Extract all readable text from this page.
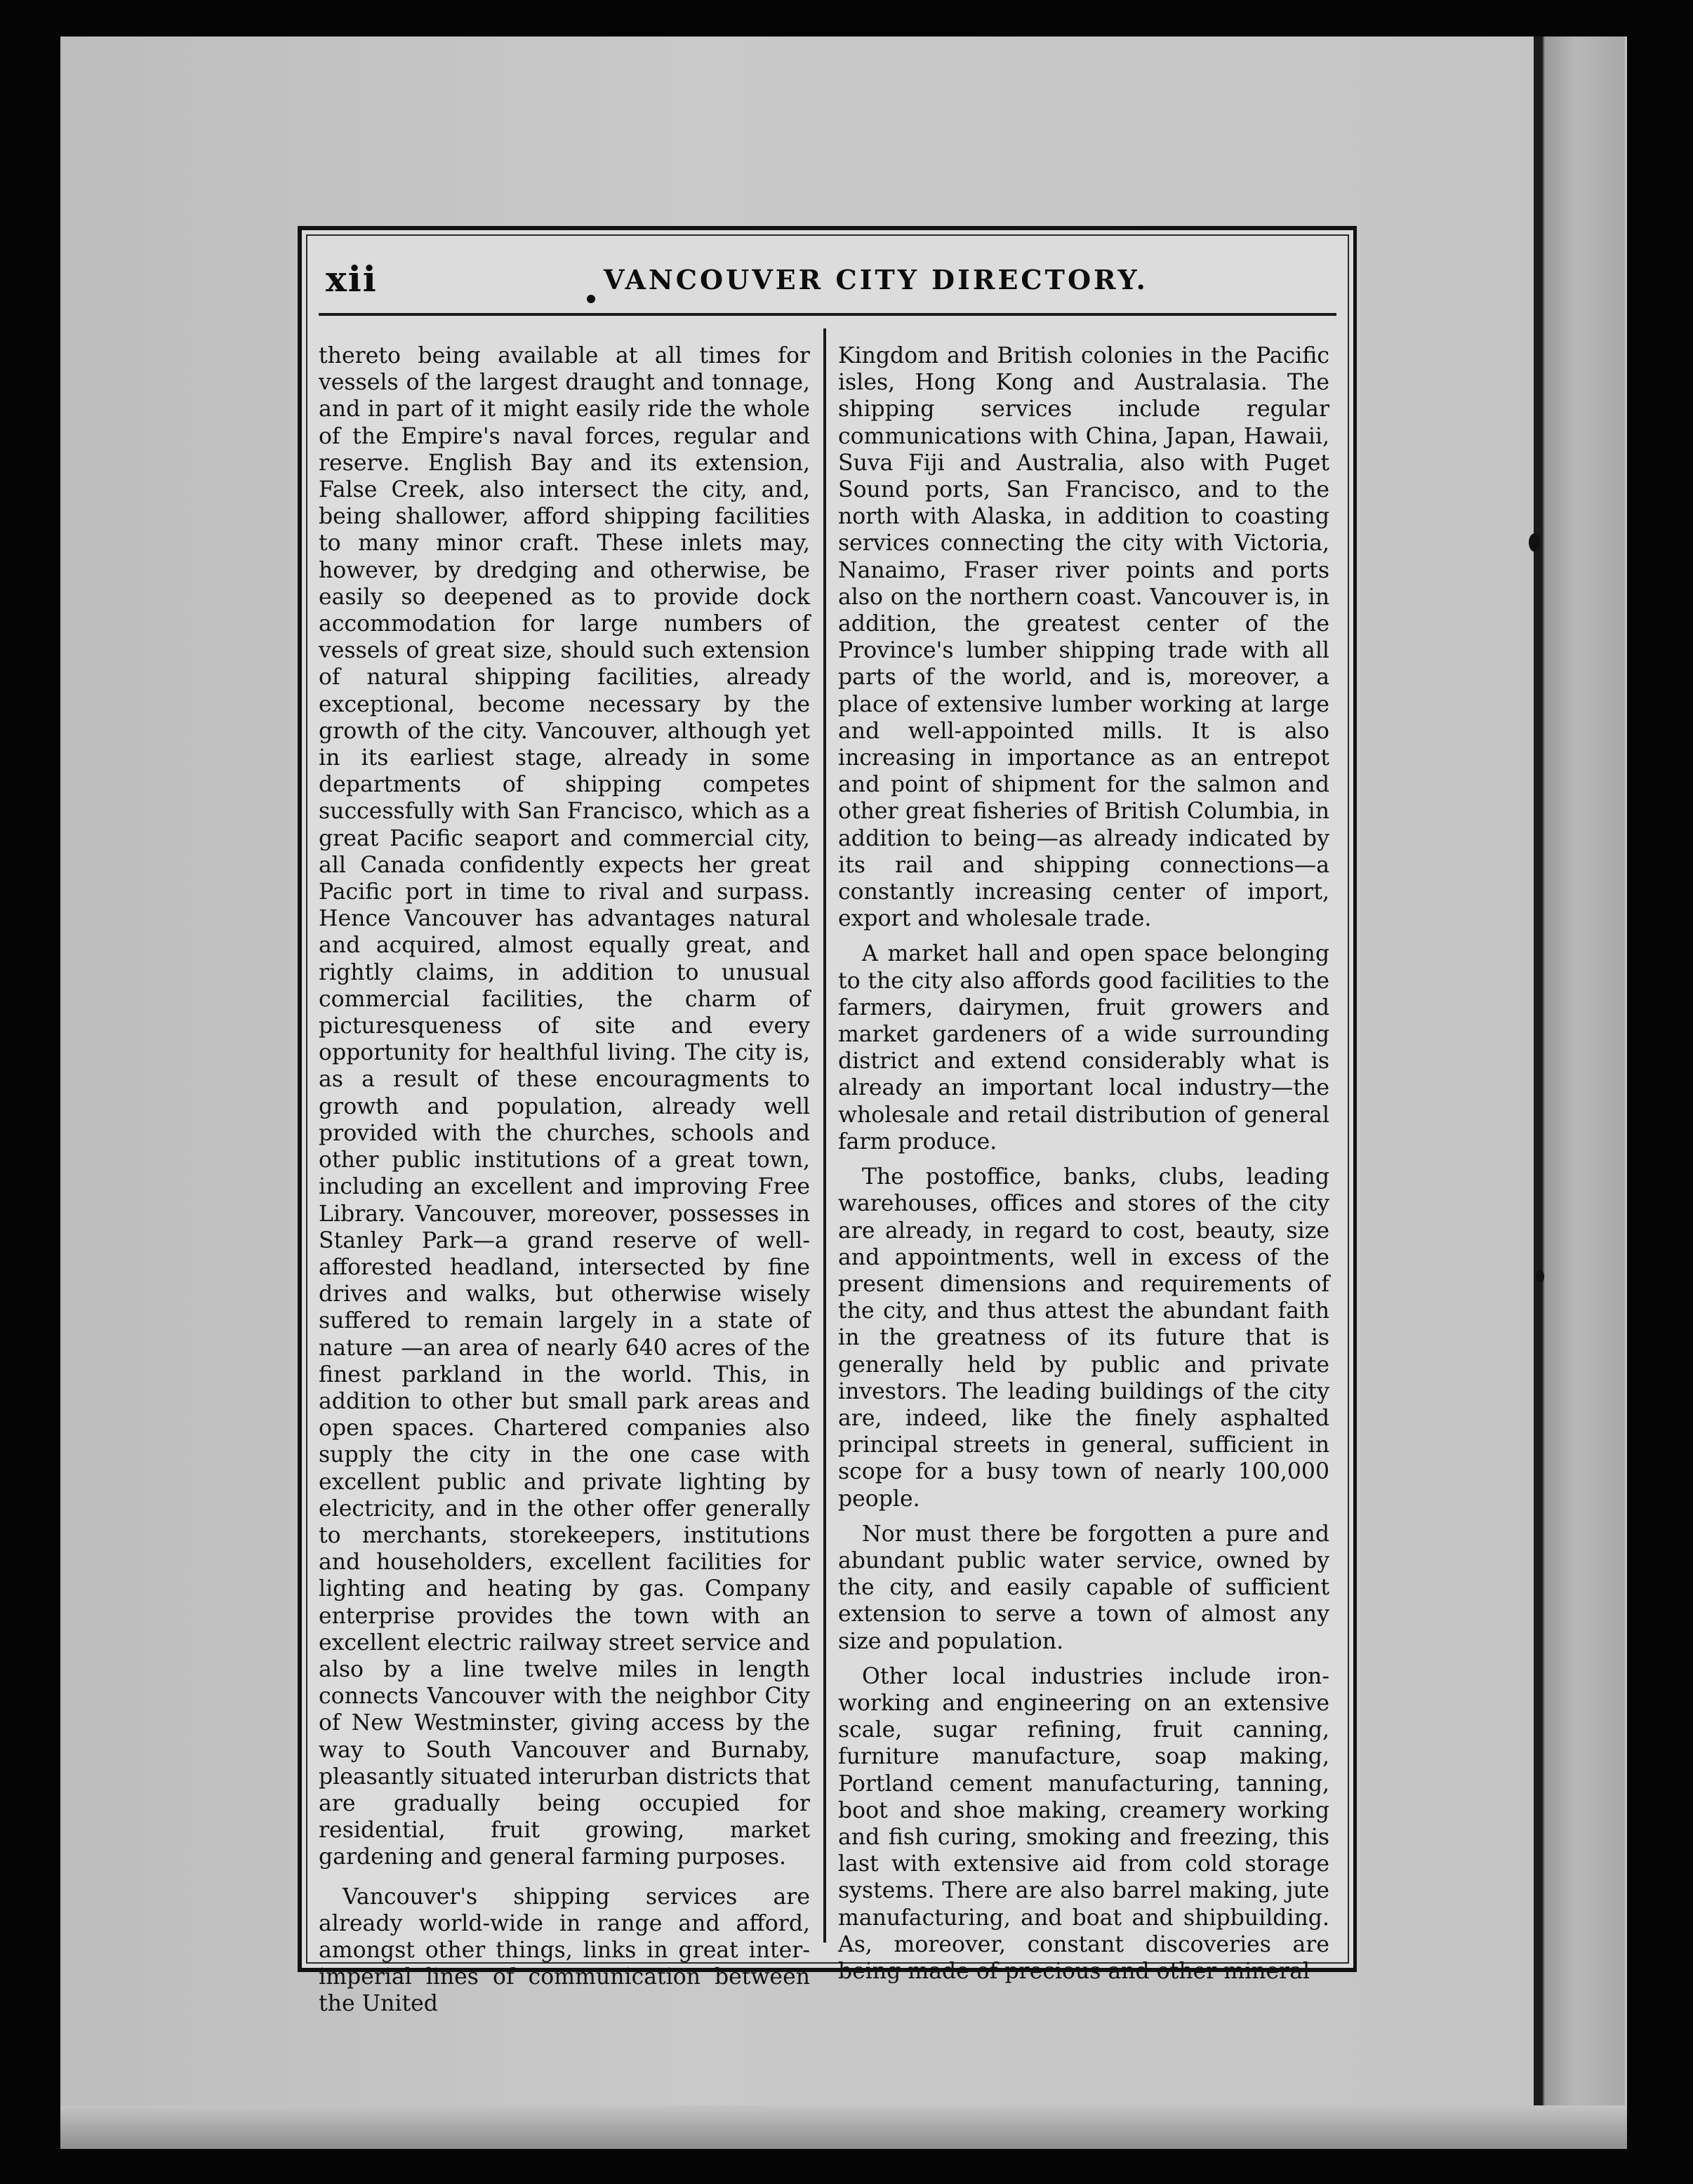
xii	VANCOUVER CITY DIRECTORY.

thereto being available at all times for vessels of the largest draught and tonnage, and in part of it might easily ride the whole of the Empire's naval forces, regular and reserve. English Bay and its extension, False Creek, also intersect the city, and, being shallower, afford shipping facilities to many minor craft. These inlets may, however, by dredging and otherwise, be easily so deepened as to provide dock accommodation for large numbers of vessels of great size, should such extension of natural shipping facilities, already exceptional, become necessary by the growth of the city. Vancouver, although yet in its earliest stage, already in some departments of shipping competes successfully with San Francisco, which as a great Pacific seaport and commercial city, all Canada confidently expects her great Pacific port in time to rival and surpass. Hence Vancouver has advantages natural and acquired, almost equally great, and rightly claims, in addition to unusual commercial facilities, the charm of picturesqueness of site and every opportunity for healthful living. The city is, as a result of these encouragments to growth and population, already well provided with the churches, schools and other public institutions of a great town, including an excellent and improving Free Library. Vancouver, moreover, possesses in Stanley Park—a grand reserve of well-afforested headland, intersected by fine drives and walks, but otherwise wisely suffered to remain largely in a state of nature —an area of nearly 640 acres of the finest parkland in the world. This, in addition to other but small park areas and open spaces. Chartered companies also supply the city in the one case with excellent public and private lighting by electricity, and in the other offer generally to merchants, storekeepers, institutions and householders, excellent facilities for lighting and heating by gas. Company enterprise provides the town with an excellent electric railway street service and also by a line twelve miles in length connects Vancouver with the neighbor City of New Westminster, giving access by the way to South Vancouver and Burnaby, pleasantly situated interurban districts that are gradually being occupied for residential, fruit growing, market gardening and general farming purposes.

Vancouver's shipping services are already world-wide in range and afford, amongst other things, links in great inter-imperial lines of communication between the United

Kingdom and British colonies in the Pacific isles, Hong Kong and Australasia. The shipping services include regular communications with China, Japan, Hawaii, Suva Fiji and Australia, also with Puget Sound ports, San Francisco, and to the north with Alaska, in addition to coasting services connecting the city with Victoria, Nanaimo, Fraser river points and ports also on the northern coast. Vancouver is, in addition, the greatest center of the Province's lumber shipping trade with all parts of the world, and is, moreover, a place of extensive lumber working at large and well-appointed mills. It is also increasing in importance as an entrepot and point of shipment for the salmon and other great fisheries of British Columbia, in addition to being—as already indicated by its rail and shipping connections—a constantly increasing center of import, export and wholesale trade.

A market hall and open space belonging to the city also affords good facilities to the farmers, dairymen, fruit growers and market gardeners of a wide surrounding district and extend considerably what is already an important local industry—the wholesale and retail distribution of general farm produce.

The postoffice, banks, clubs, leading warehouses, offices and stores of the city are already, in regard to cost, beauty, size and appointments, well in excess of the present dimensions and requirements of the city, and thus attest the abundant faith in the greatness of its future that is generally held by public and private investors. The leading buildings of the city are, indeed, like the finely asphalted principal streets in general, sufficient in scope for a busy town of nearly 100,000 people.

Nor must there be forgotten a pure and abundant public water service, owned by the city, and easily capable of sufficient extension to serve a town of almost any size and population.

Other local industries include iron-working and engineering on an extensive scale, sugar refining, fruit canning, furniture manufacture, soap making, Portland cement manufacturing, tanning, boot and shoe making, creamery working and fish curing, smoking and freezing, this last with extensive aid from cold storage systems. There are also barrel making, jute manufacturing, and boat and shipbuilding. As, moreover, constant discoveries are being made of precious and other mineral
